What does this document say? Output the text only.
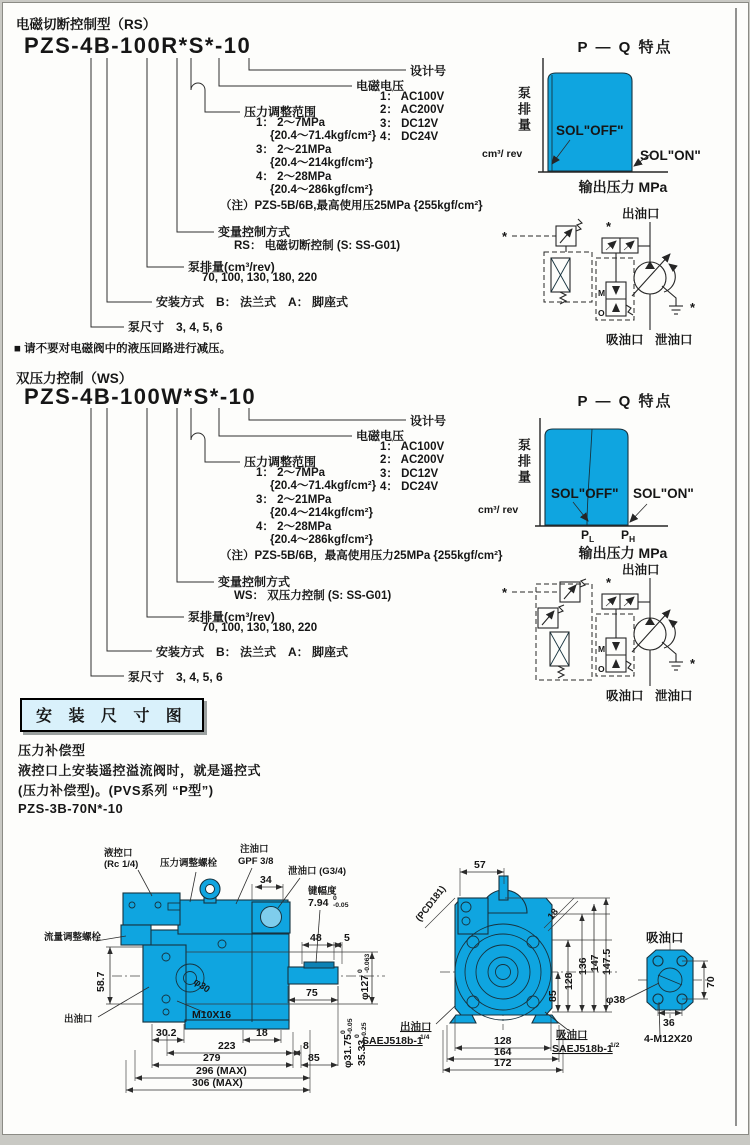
SOL"OFF"
SOL"ON"
SOL"OFF" SOL"ON"
P L P H
*
*
M
O	*
出油口
吸油口 泄油口
*
*
M
O	*
出油口
吸油口 泄油口
φ30
34
48 5
75
58.7	φ127
0 -0.063
φ31.75
0 -0.05
35.33
0 -0.25
30.2	18
223	8
279	85
296 (MAX)
306 (MAX)
液控口
(Rc 1/4) 压力调整螺栓
注油口
GPF 3/8
泄油口 (G3/4)
键幅度
7.94 0
-0.05
流量调整螺栓
出油口	M10X16
57
(PCD181)	18
147.5
147
136
128
85
128
164
172
出油口
SAEJ518b-1
1/4	吸油口
SAEJ518b-1
1/2
吸油口
70
36
φ38
4-M12X20
电磁切断控制型（RS）
PZS-4B-100R*S*-10
设计号
电磁电压
1： AC100V
2： AC200V
3： DC12V
4： DC24V
压力调整范围
1： 2～7MPa
{20.4～71.4kgf/cm²}
3： 2～21MPa
{20.4～214kgf/cm²}
4： 2～28MPa
{20.4～286kgf/cm²}
（注）PZS-5B/6B,最高使用压25MPa {255kgf/cm²}
变量控制方式
RS： 电磁切断控制 (S: SS-G01)
泵排量(cm³/rev)
70, 100, 130, 180, 220
安装方式　B： 法兰式　A： 脚座式
泵尺寸　3, 4, 5, 6
■ 请不要对电磁阀中的液压回路进行减压。
双压力控制（WS）
PZS-4B-100W*S*-10
设计号
电磁电压
1： AC100V
2： AC200V
3： DC12V
4： DC24V
压力调整范围
1： 2～7MPa
{20.4～71.4kgf/cm²}
3： 2～21MPa
{20.4～214kgf/cm²}
4： 2～28MPa
{20.4～286kgf/cm²}
（注）PZS-5B/6B，最高使用压力25MPa {255kgf/cm²}
变量控制方式
WS： 双压力控制 (S: SS-G01)
泵排量(cm³/rev)
70, 100, 130, 180, 220
安装方式　B： 法兰式　A： 脚座式
泵尺寸　3, 4, 5, 6
P — Q 特点
泵排量
cm³/ rev
输出压力 MPa
P — Q 特点
泵排量
cm³/ rev
输出压力 MPa
安 装 尺 寸 图
压力补偿型
液控口上安装遥控溢流阀时，就是遥控式
(压力补偿型)。(PVS系列 “P型”)
PZS-3B-70N*-10
